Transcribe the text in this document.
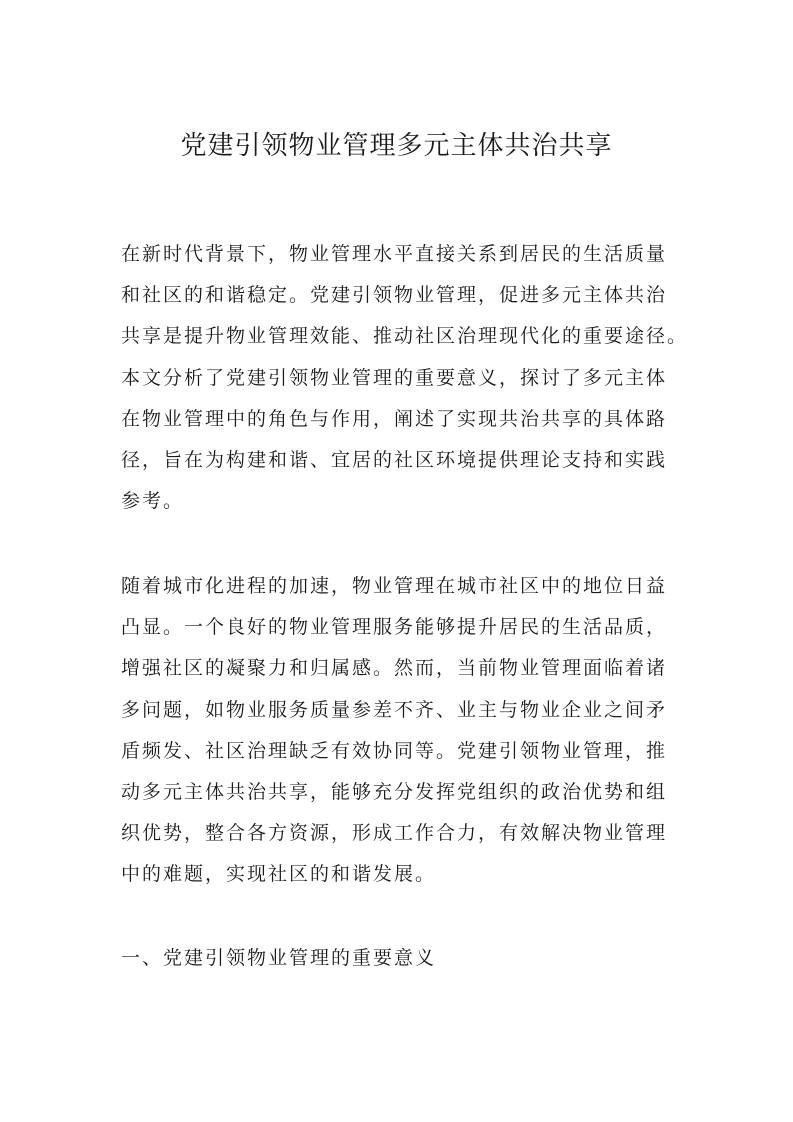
党建引领物业管理多元主体共治共享
在新时代背景下，物业管理水平直接关系到居民的生活质量
和社区的和谐稳定。党建引领物业管理，促进多元主体共治
共享是提升物业管理效能、推动社区治理现代化的重要途径。
本文分析了党建引领物业管理的重要意义，探讨了多元主体
在物业管理中的角色与作用，阐述了实现共治共享的具体路
径，旨在为构建和谐、宜居的社区环境提供理论支持和实践
参考。
随着城市化进程的加速，物业管理在城市社区中的地位日益
凸显。一个良好的物业管理服务能够提升居民的生活品质，
增强社区的凝聚力和归属感。然而，当前物业管理面临着诸
多问题，如物业服务质量参差不齐、业主与物业企业之间矛
盾频发、社区治理缺乏有效协同等。党建引领物业管理，推
动多元主体共治共享，能够充分发挥党组织的政治优势和组
织优势，整合各方资源，形成工作合力，有效解决物业管理
中的难题，实现社区的和谐发展。
一、党建引领物业管理的重要意义
